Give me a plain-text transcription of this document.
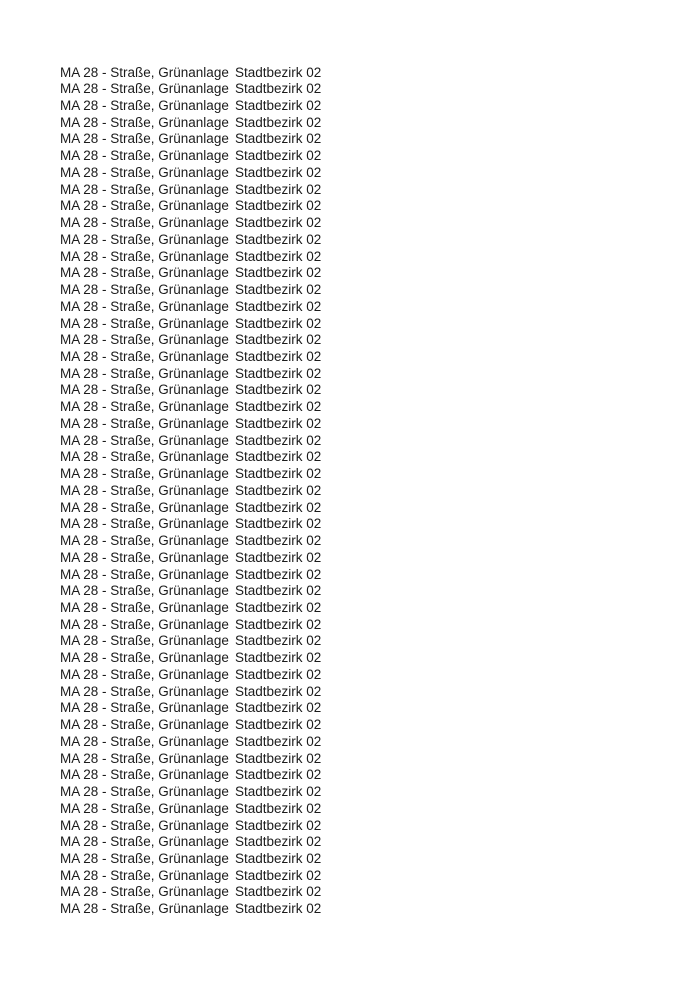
MA 28 - Straße, Grünanlage Stadtbezirk 02
MA 28 - Straße, Grünanlage Stadtbezirk 02
MA 28 - Straße, Grünanlage Stadtbezirk 02
MA 28 - Straße, Grünanlage Stadtbezirk 02
MA 28 - Straße, Grünanlage Stadtbezirk 02
MA 28 - Straße, Grünanlage Stadtbezirk 02
MA 28 - Straße, Grünanlage Stadtbezirk 02
MA 28 - Straße, Grünanlage Stadtbezirk 02
MA 28 - Straße, Grünanlage Stadtbezirk 02
MA 28 - Straße, Grünanlage Stadtbezirk 02
MA 28 - Straße, Grünanlage Stadtbezirk 02
MA 28 - Straße, Grünanlage Stadtbezirk 02
MA 28 - Straße, Grünanlage Stadtbezirk 02
MA 28 - Straße, Grünanlage Stadtbezirk 02
MA 28 - Straße, Grünanlage Stadtbezirk 02
MA 28 - Straße, Grünanlage Stadtbezirk 02
MA 28 - Straße, Grünanlage Stadtbezirk 02
MA 28 - Straße, Grünanlage Stadtbezirk 02
MA 28 - Straße, Grünanlage Stadtbezirk 02
MA 28 - Straße, Grünanlage Stadtbezirk 02
MA 28 - Straße, Grünanlage Stadtbezirk 02
MA 28 - Straße, Grünanlage Stadtbezirk 02
MA 28 - Straße, Grünanlage Stadtbezirk 02
MA 28 - Straße, Grünanlage Stadtbezirk 02
MA 28 - Straße, Grünanlage Stadtbezirk 02
MA 28 - Straße, Grünanlage Stadtbezirk 02
MA 28 - Straße, Grünanlage Stadtbezirk 02
MA 28 - Straße, Grünanlage Stadtbezirk 02
MA 28 - Straße, Grünanlage Stadtbezirk 02
MA 28 - Straße, Grünanlage Stadtbezirk 02
MA 28 - Straße, Grünanlage Stadtbezirk 02
MA 28 - Straße, Grünanlage Stadtbezirk 02
MA 28 - Straße, Grünanlage Stadtbezirk 02
MA 28 - Straße, Grünanlage Stadtbezirk 02
MA 28 - Straße, Grünanlage Stadtbezirk 02
MA 28 - Straße, Grünanlage Stadtbezirk 02
MA 28 - Straße, Grünanlage Stadtbezirk 02
MA 28 - Straße, Grünanlage Stadtbezirk 02
MA 28 - Straße, Grünanlage Stadtbezirk 02
MA 28 - Straße, Grünanlage Stadtbezirk 02
MA 28 - Straße, Grünanlage Stadtbezirk 02
MA 28 - Straße, Grünanlage Stadtbezirk 02
MA 28 - Straße, Grünanlage Stadtbezirk 02
MA 28 - Straße, Grünanlage Stadtbezirk 02
MA 28 - Straße, Grünanlage Stadtbezirk 02
MA 28 - Straße, Grünanlage Stadtbezirk 02
MA 28 - Straße, Grünanlage Stadtbezirk 02
MA 28 - Straße, Grünanlage Stadtbezirk 02
MA 28 - Straße, Grünanlage Stadtbezirk 02
MA 28 - Straße, Grünanlage Stadtbezirk 02
MA 28 - Straße, Grünanlage Stadtbezirk 02
